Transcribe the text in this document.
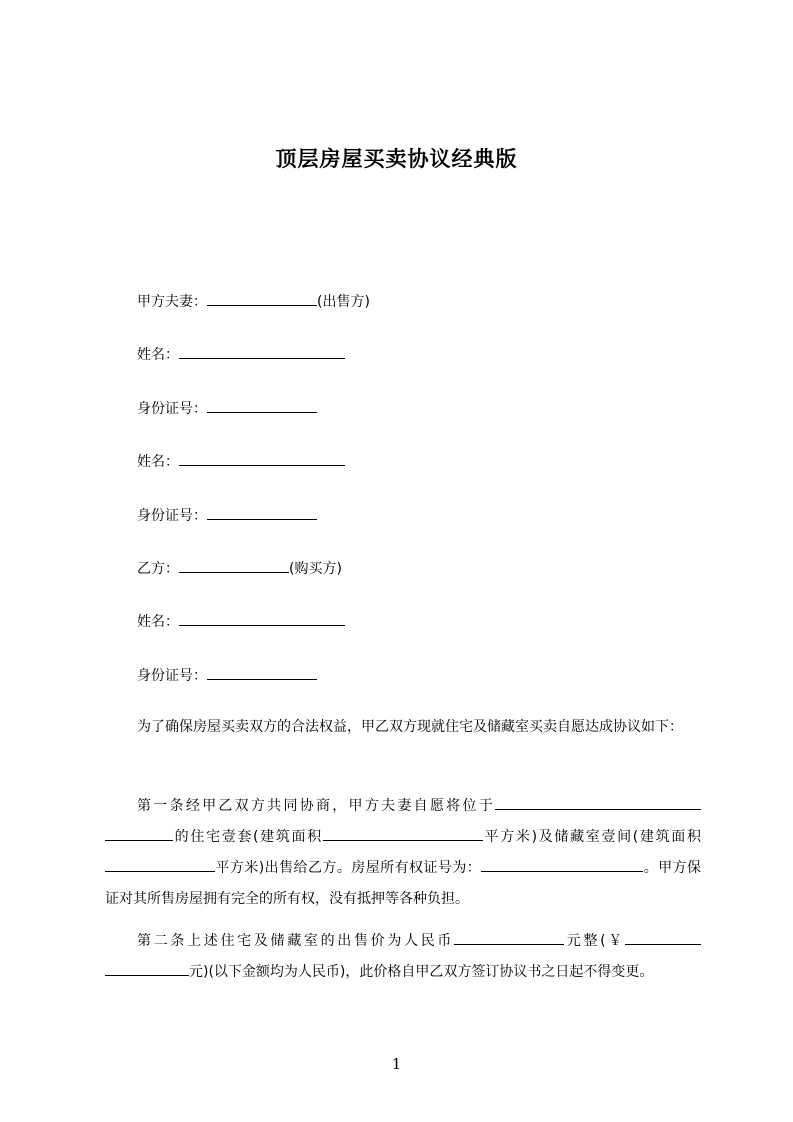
顶层房屋买卖协议经典版
甲方夫妻：	(出售方)
姓名：
身份证号：
姓名：
身份证号：
乙方：	(购买方)
姓名：
身份证号：
为了确保房屋买卖双方的合法权益，甲乙双方现就住宅及储藏室买卖自愿达成协议如下：
第一条经甲乙双方共同协商，甲方夫妻自愿将位于的住宅壹套(建筑面积	平方米)及储藏室壹间(建筑面积平方米)出售给乙方。房屋所有权证号为：	。甲方保证对其所售房屋拥有完全的所有权，没有抵押等各种负担。
第二条上述住宅及储藏室的出售价为人民币	元整(￥元)(以下金额均为人民币)，此价格自甲乙双方签订协议书之日起不得变更。
1
